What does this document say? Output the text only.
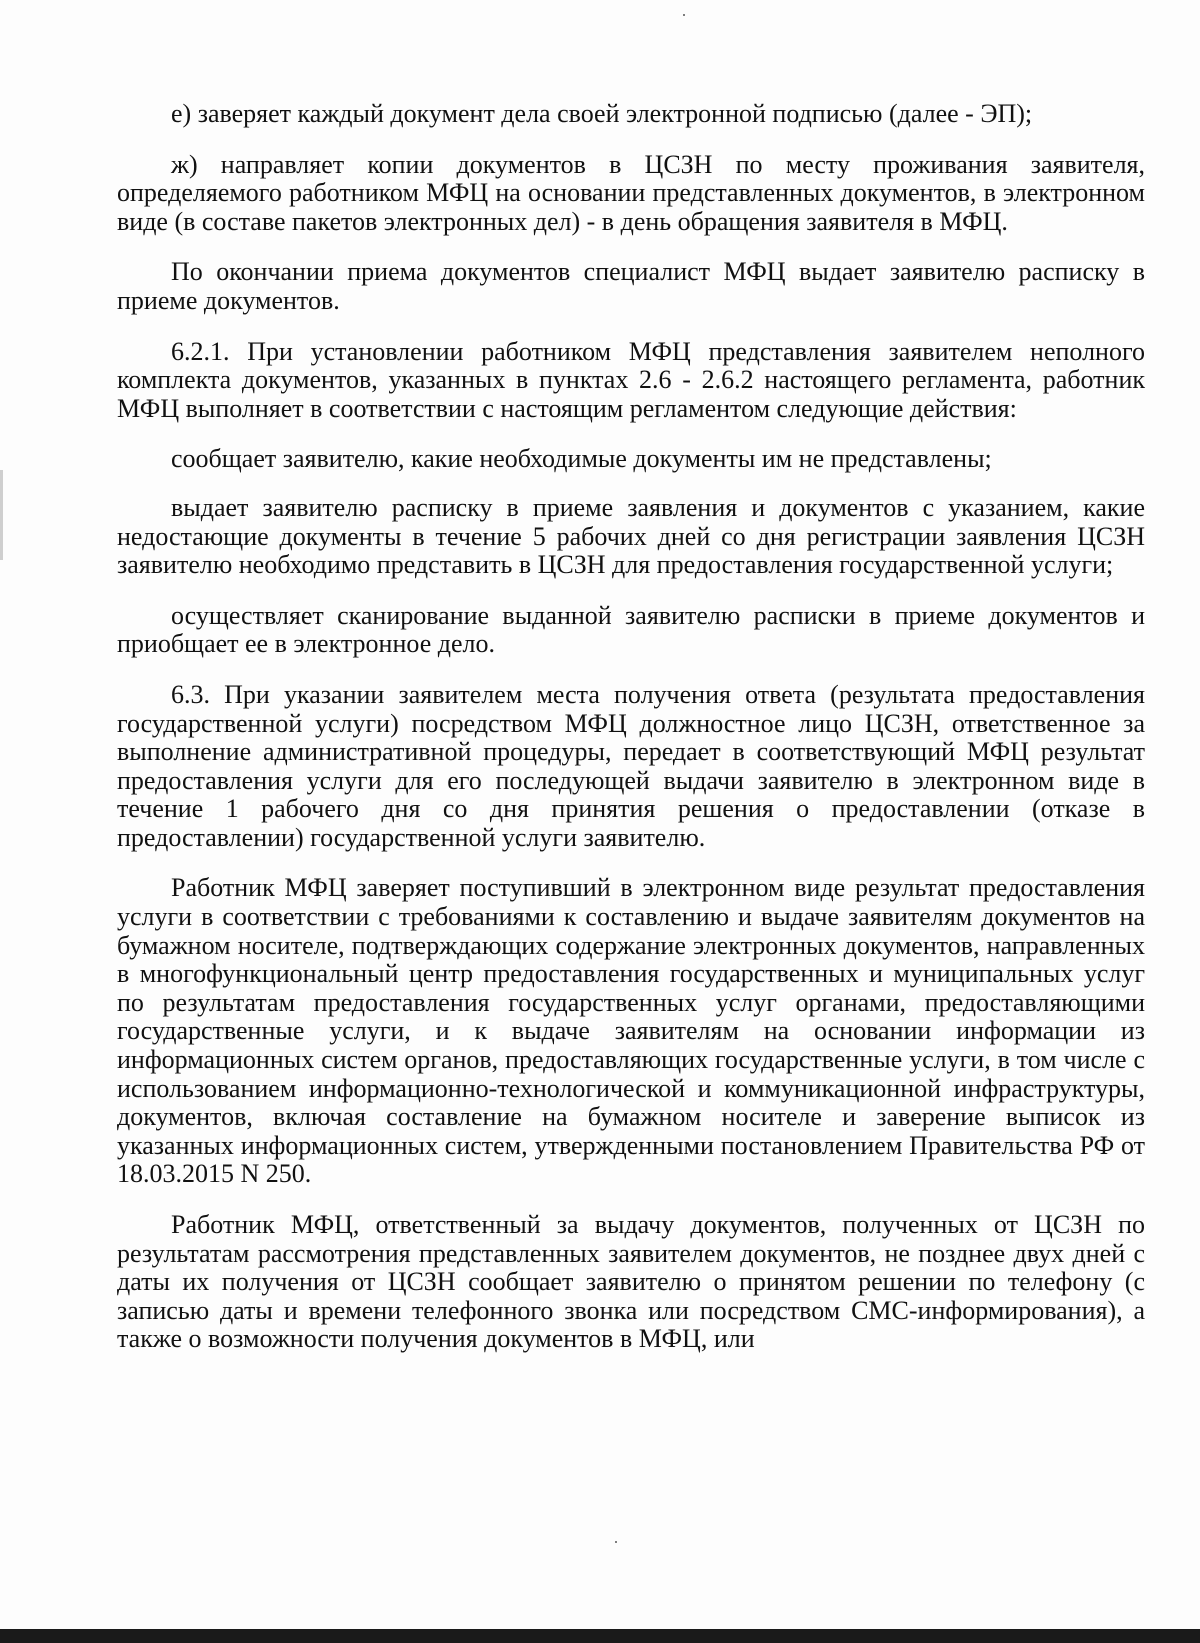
е) заверяет каждый документ дела своей электронной подписью (далее - ЭП);

ж) направляет копии документов в ЦСЗН по месту проживания заявителя, определяемого работником МФЦ на основании представленных документов, в электронном виде (в составе пакетов электронных дел) - в день обращения заявителя в МФЦ.

По окончании приема документов специалист МФЦ выдает заявителю расписку в приеме документов.

6.2.1. При установлении работником МФЦ представления заявителем неполного комплекта документов, указанных в пунктах 2.6 - 2.6.2 настоящего регламента, работник МФЦ выполняет в соответствии с настоящим регламентом следующие действия:

сообщает заявителю, какие необходимые документы им не представлены;

выдает заявителю расписку в приеме заявления и документов с указанием, какие недостающие документы в течение 5 рабочих дней со дня регистрации заявления ЦСЗН заявителю необходимо представить в ЦСЗН для предоставления государственной услуги;

осуществляет сканирование выданной заявителю расписки в приеме документов и приобщает ее в электронное дело.

6.3. При указании заявителем места получения ответа (результата предоставления государственной услуги) посредством МФЦ должностное лицо ЦСЗН, ответственное за выполнение административной процедуры, передает в соответствующий МФЦ результат предоставления услуги для его последующей выдачи заявителю в электронном виде в течение 1 рабочего дня со дня принятия решения о предоставлении (отказе в предоставлении) государственной услуги заявителю.

Работник МФЦ заверяет поступивший в электронном виде результат предоставления услуги в соответствии с требованиями к составлению и выдаче заявителям документов на бумажном носителе, подтверждающих содержание электронных документов, направленных в многофункциональный центр предоставления государственных и муниципальных услуг по результатам предоставления государственных услуг органами, предоставляющими государственные услуги, и к выдаче заявителям на основании информации из информационных систем органов, предоставляющих государственные услуги, в том числе с использованием информационно-технологической и коммуникационной инфраструктуры, документов, включая составление на бумажном носителе и заверение выписок из указанных информационных систем, утвержденными постановлением Правительства РФ от 18.03.2015 N 250.

Работник МФЦ, ответственный за выдачу документов, полученных от ЦСЗН по результатам рассмотрения представленных заявителем документов, не позднее двух дней с даты их получения от ЦСЗН сообщает заявителю о принятом решении по телефону (с записью даты и времени телефонного звонка или посредством СМС-информирования), а также о возможности получения документов в МФЦ, или
